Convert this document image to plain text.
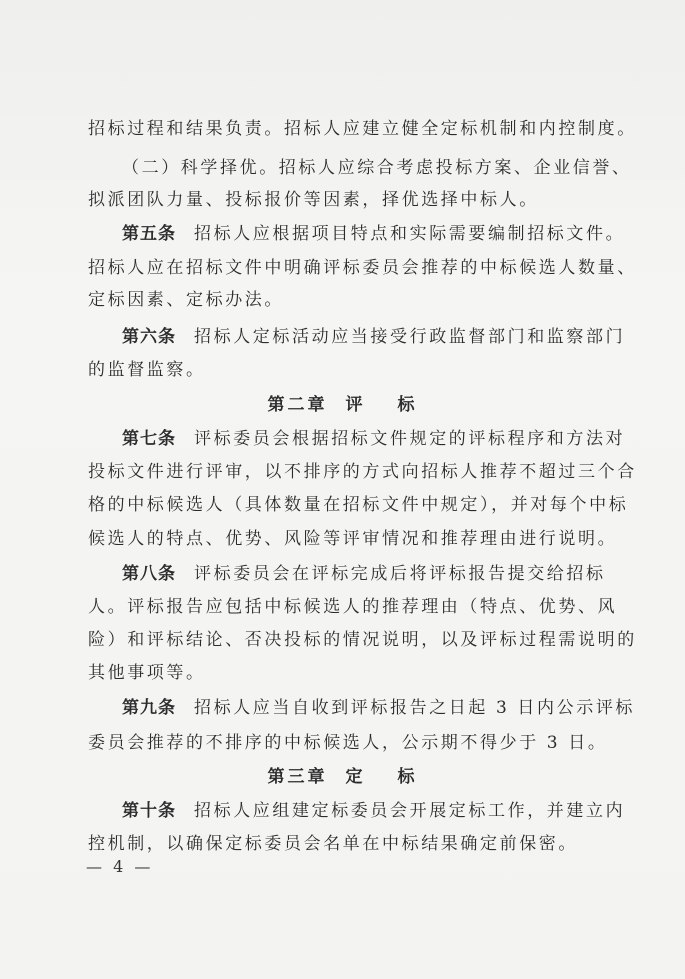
招标过程和结果负责。招标人应建立健全定标机制和内控制度。
（二）科学择优。招标人应综合考虑投标方案、企业信誉、
拟派团队力量、投标报价等因素，择优选择中标人。
第五条 招标人应根据项目特点和实际需要编制招标文件。
招标人应在招标文件中明确评标委员会推荐的中标候选人数量、
定标因素、定标办法。
第六条 招标人定标活动应当接受行政监督部门和监察部门
的监督监察。
第二章 评 标
第七条 评标委员会根据招标文件规定的评标程序和方法对
投标文件进行评审，以不排序的方式向招标人推荐不超过三个合
格的中标候选人（具体数量在招标文件中规定），并对每个中标
候选人的特点、优势、风险等评审情况和推荐理由进行说明。
第八条 评标委员会在评标完成后将评标报告提交给招标
人。评标报告应包括中标候选人的推荐理由（特点、优势、风
险）和评标结论、否决投标的情况说明，以及评标过程需说明的
其他事项等。
第九条 招标人应当自收到评标报告之日起 3 日内公示评标
委员会推荐的不排序的中标候选人，公示期不得少于 3 日。
第三章 定 标
第十条 招标人应组建定标委员会开展定标工作，并建立内
控机制，以确保定标委员会名单在中标结果确定前保密。
— 4 —
